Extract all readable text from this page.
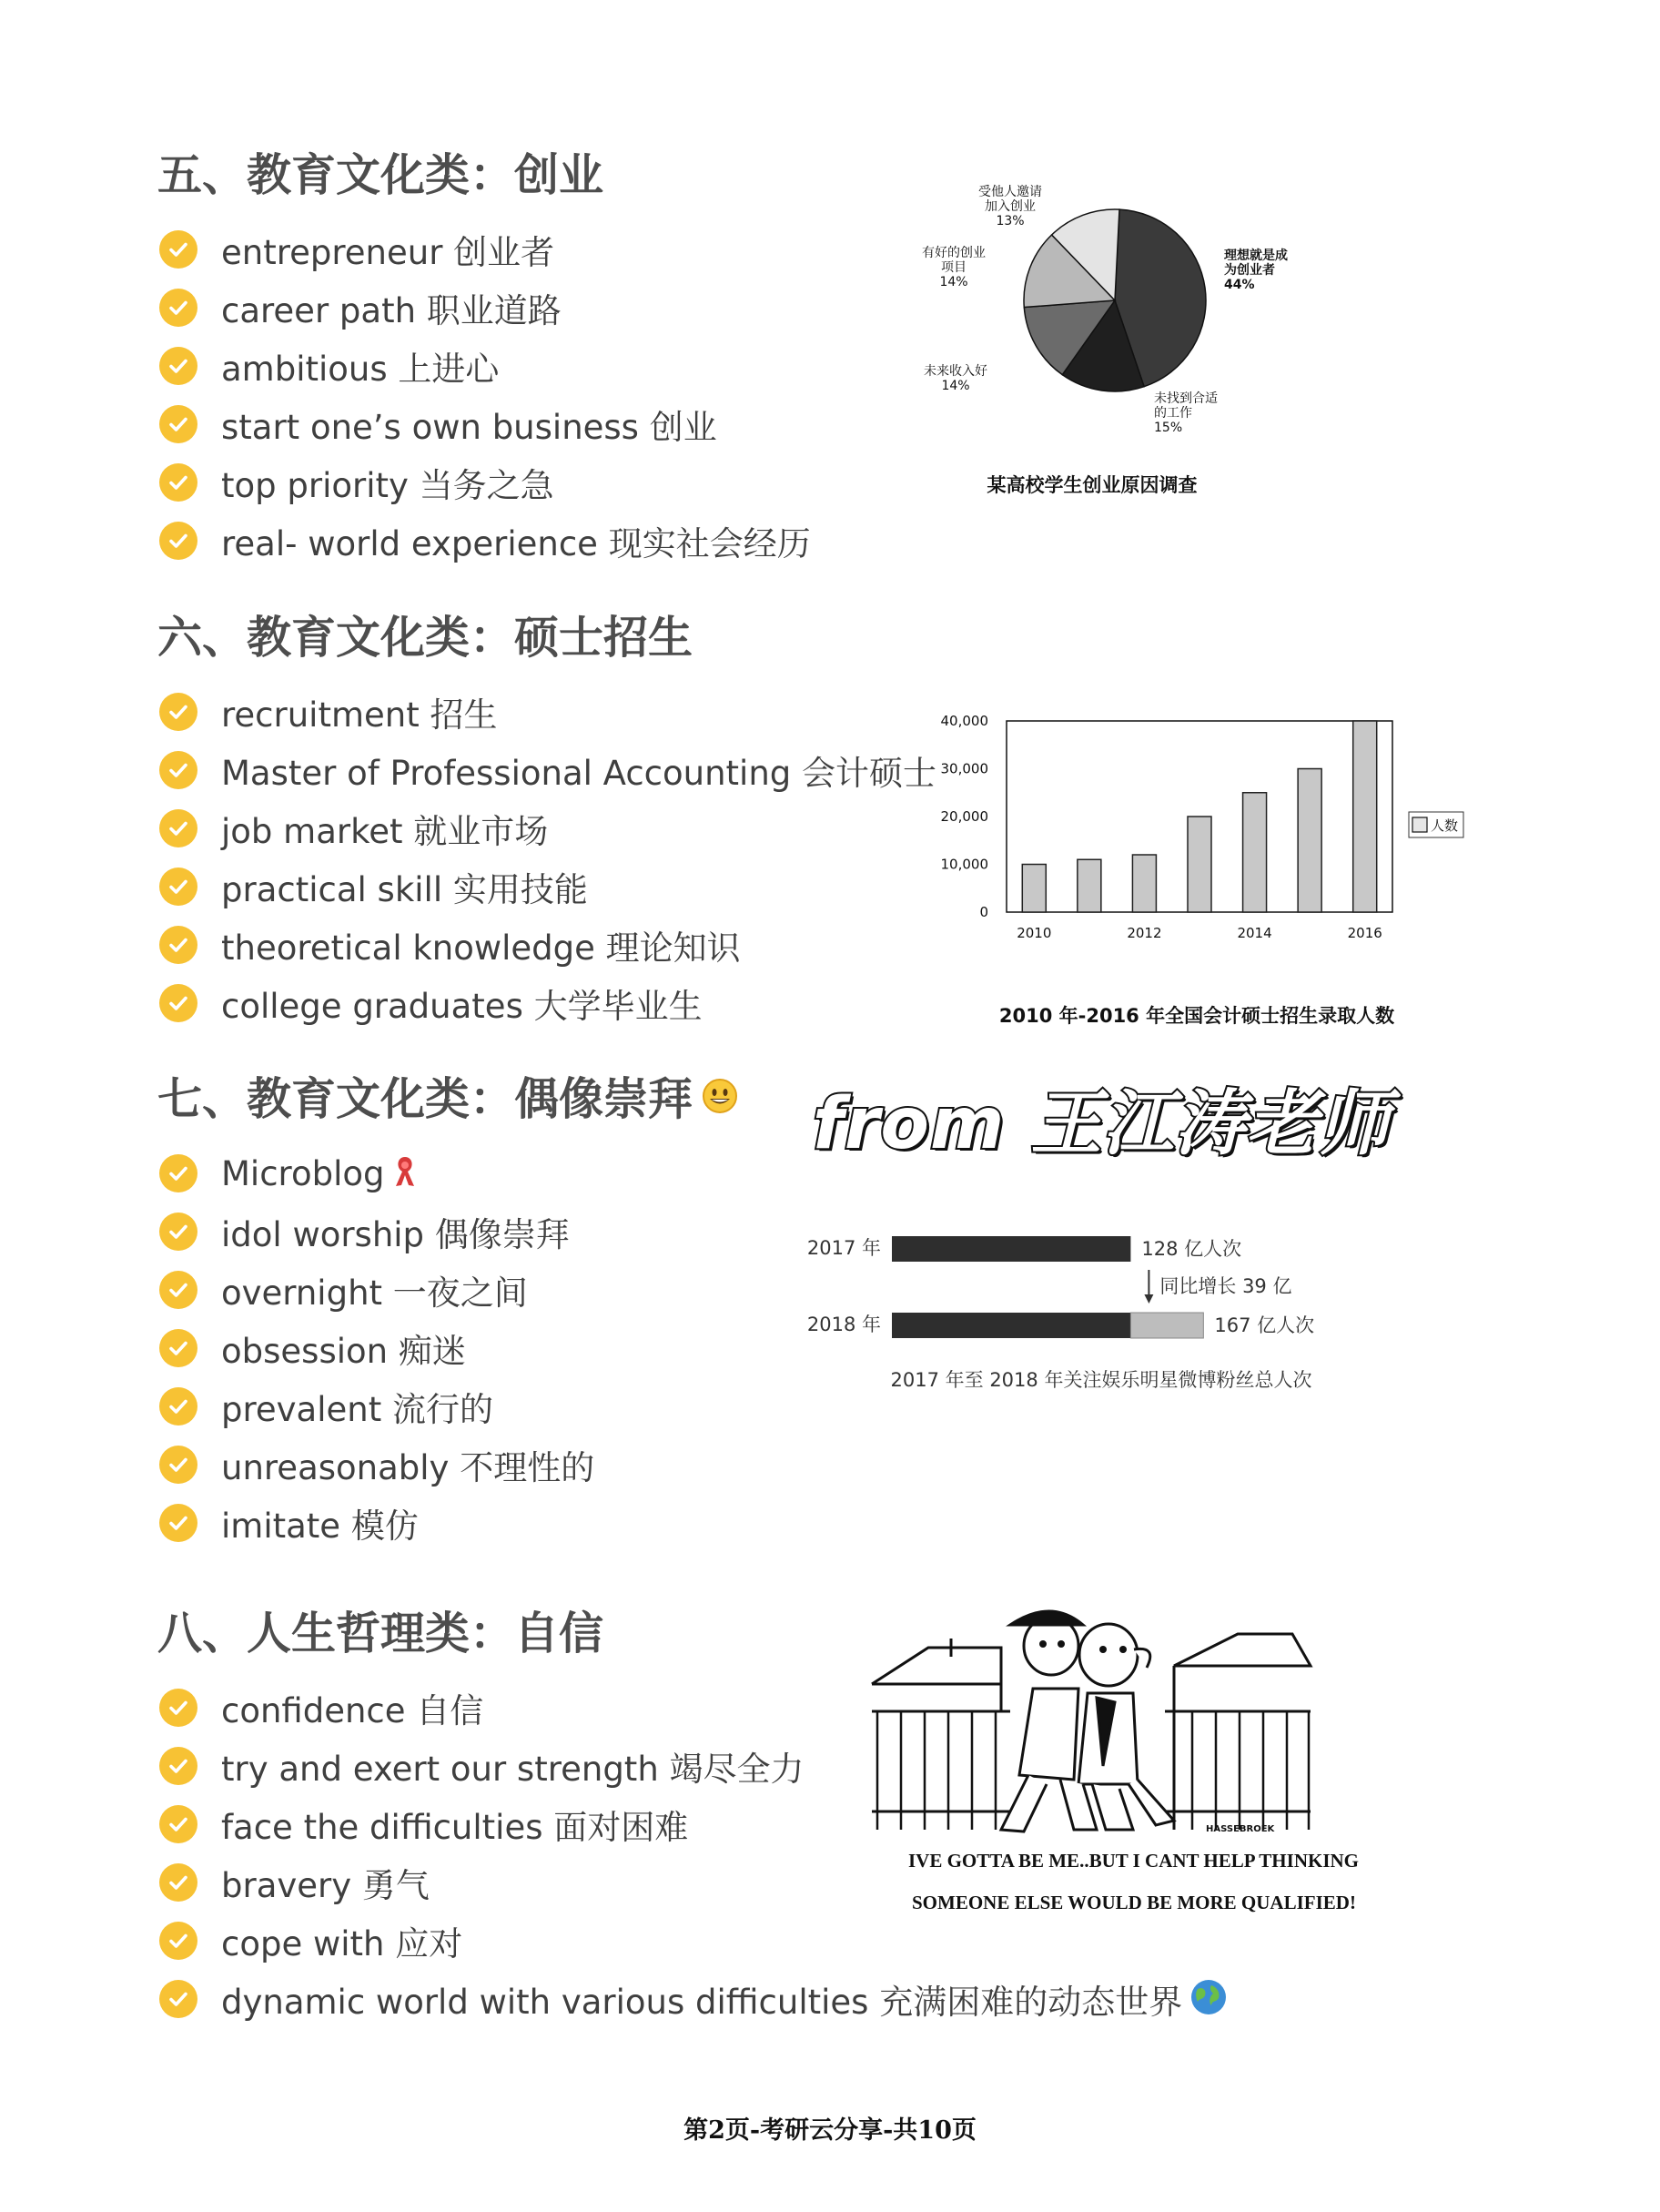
五、教育文化类：创业
entrepreneur 创业者
career path 职业道路
ambitious 上进心
start one’s own business 创业
top priority 当务之急
real- world experience 现实社会经历
六、教育文化类：硕士招生
recruitment 招生
Master of Professional Accounting 会计硕士
job market 就业市场
practical skill 实用技能
theoretical knowledge 理论知识
college graduates 大学毕业生
七、教育文化类：偶像崇拜
Microblog
idol worship 偶像崇拜
overnight 一夜之间
obsession 痴迷
prevalent 流行的
unreasonably 不理性的
imitate 模仿
八、人生哲理类：自信
confidence 自信
try and exert our strength 竭尽全力
face the difficulties 面对困难
bravery 勇气
cope with 应对
dynamic world with various difficulties 充满困难的动态世界
理想就是成
为创业者
44%
未找到合适
的工作
15%
未来收入好
14%
有好的创业
项目
14%
受他人邀请
加入创业
13%
某高校学生创业原因调查
0
10,000
20,000
30,000
40,000
2010	2012	2014	2016
人数
2010 年-2016 年全国会计硕士招生录取人数
from 王江涛老师
2017 年	128 亿人次
2018 年	167 亿人次
同比增长 39 亿
2017 年至 2018 年关注娱乐明星微博粉丝总人次
HASSEBROEK
IVE GOTTA BE ME..BUT I CANT HELP THINKING
SOMEONE ELSE WOULD BE MORE QUALIFIED!
第2页-考研云分享-共10页
